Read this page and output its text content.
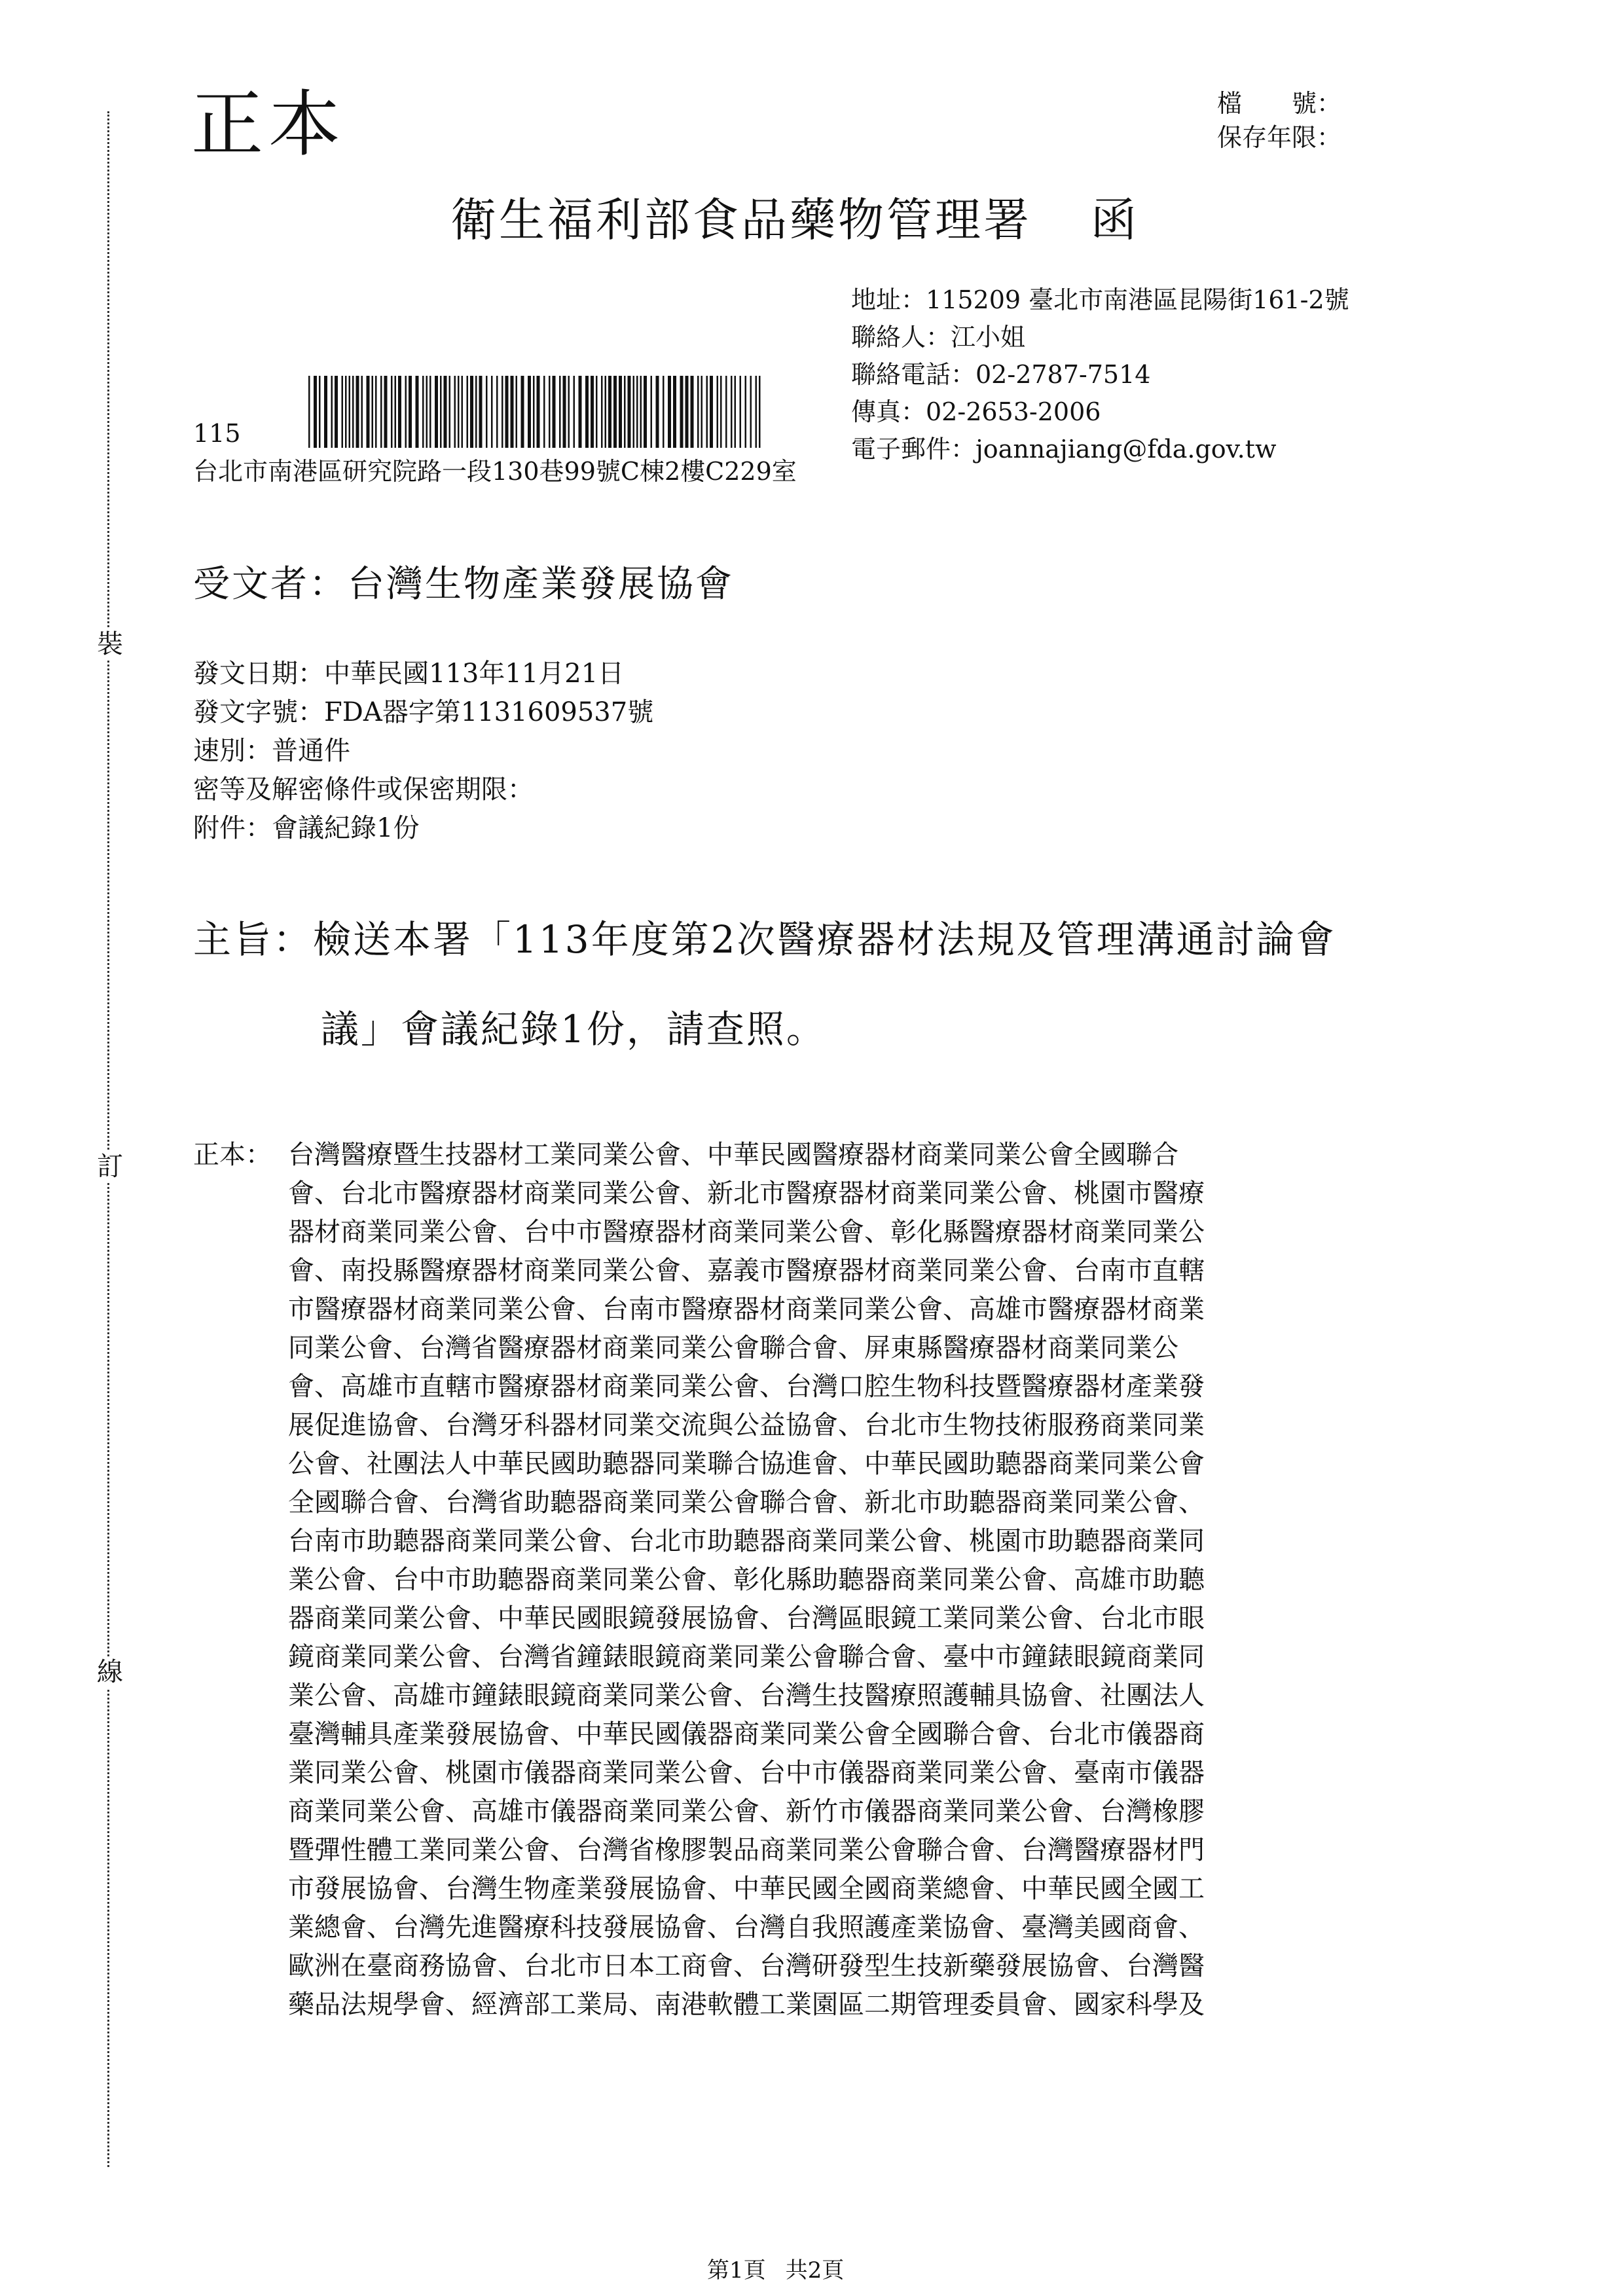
裝
訂
線
正本	檔　　號：
保存年限：
衛生福利部食品藥物管理署 函
地址：115209 臺北市南港區昆陽街161-2號
聯絡人：江小姐
聯絡電話：02-2787-7514
傳真：02-2653-2006
電子郵件：joannajiang@fda.gov.tw
115
台北市南港區研究院路一段130巷99號C棟2樓C229室
受文者：台灣生物產業發展協會
發文日期：中華民國113年11月21日
發文字號：FDA器字第1131609537號
速別：普通件
密等及解密條件或保密期限：
附件：會議紀錄1份
主旨：檢送本署「113年度第2次醫療器材法規及管理溝通討論會
議」會議紀錄1份，請查照。
正本： 台灣醫療暨生技器材工業同業公會、中華民國醫療器材商業同業公會全國聯合
會、台北市醫療器材商業同業公會、新北市醫療器材商業同業公會、桃園市醫療
器材商業同業公會、台中市醫療器材商業同業公會、彰化縣醫療器材商業同業公
會、南投縣醫療器材商業同業公會、嘉義市醫療器材商業同業公會、台南市直轄
市醫療器材商業同業公會、台南市醫療器材商業同業公會、高雄市醫療器材商業
同業公會、台灣省醫療器材商業同業公會聯合會、屏東縣醫療器材商業同業公
會、高雄市直轄市醫療器材商業同業公會、台灣口腔生物科技暨醫療器材產業發
展促進協會、台灣牙科器材同業交流與公益協會、台北市生物技術服務商業同業
公會、社團法人中華民國助聽器同業聯合協進會、中華民國助聽器商業同業公會
全國聯合會、台灣省助聽器商業同業公會聯合會、新北市助聽器商業同業公會、
台南市助聽器商業同業公會、台北市助聽器商業同業公會、桃園市助聽器商業同
業公會、台中市助聽器商業同業公會、彰化縣助聽器商業同業公會、高雄市助聽
器商業同業公會、中華民國眼鏡發展協會、台灣區眼鏡工業同業公會、台北市眼
鏡商業同業公會、台灣省鐘錶眼鏡商業同業公會聯合會、臺中市鐘錶眼鏡商業同
業公會、高雄市鐘錶眼鏡商業同業公會、台灣生技醫療照護輔具協會、社團法人
臺灣輔具產業發展協會、中華民國儀器商業同業公會全國聯合會、台北市儀器商
業同業公會、桃園市儀器商業同業公會、台中市儀器商業同業公會、臺南市儀器
商業同業公會、高雄市儀器商業同業公會、新竹市儀器商業同業公會、台灣橡膠
暨彈性體工業同業公會、台灣省橡膠製品商業同業公會聯合會、台灣醫療器材門
市發展協會、台灣生物產業發展協會、中華民國全國商業總會、中華民國全國工
業總會、台灣先進醫療科技發展協會、台灣自我照護產業協會、臺灣美國商會、
歐洲在臺商務協會、台北市日本工商會、台灣研發型生技新藥發展協會、台灣醫
藥品法規學會、經濟部工業局、南港軟體工業園區二期管理委員會、國家科學及
第1頁 共2頁
